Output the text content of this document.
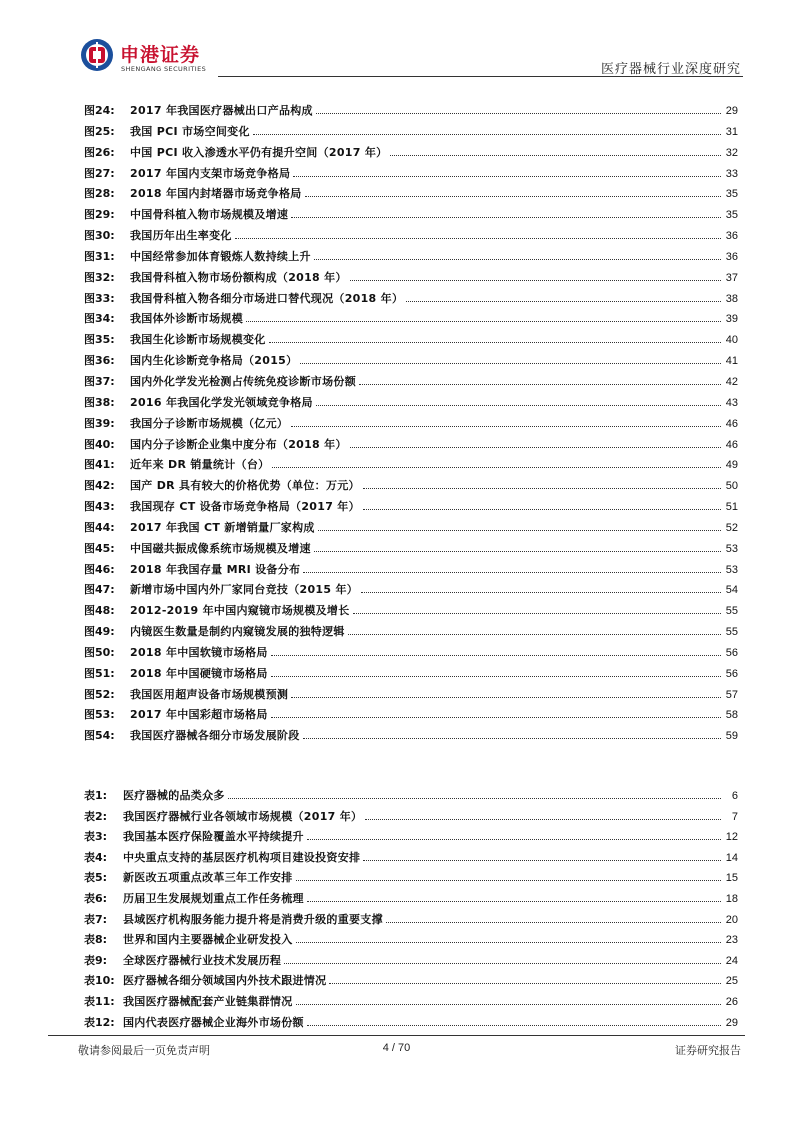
申港证券
SHENGANG SECURITIES	医疗器械行业深度研究
图24:	2017 年我国医疗器械出口产品构成	29
图25:	我国 PCI 市场空间变化	31
图26:	中国 PCI 收入渗透水平仍有提升空间（2017 年）	32
图27:	2017 年国内支架市场竞争格局	33
图28:	2018 年国内封堵器市场竞争格局	35
图29:	中国骨科植入物市场规模及增速	35
图30:	我国历年出生率变化	36
图31:	中国经常参加体育锻炼人数持续上升	36
图32:	我国骨科植入物市场份额构成（2018 年）	37
图33:	我国骨科植入物各细分市场进口替代现况（2018 年）	38
图34:	我国体外诊断市场规模	39
图35:	我国生化诊断市场规模变化	40
图36:	国内生化诊断竞争格局（2015）	41
图37:	国内外化学发光检测占传统免疫诊断市场份额	42
图38:	2016 年我国化学发光领域竞争格局	43
图39:	我国分子诊断市场规模（亿元）	46
图40:	国内分子诊断企业集中度分布（2018 年）	46
图41:	近年来 DR 销量统计（台）	49
图42:	国产 DR 具有较大的价格优势（单位：万元）	50
图43:	我国现存 CT 设备市场竞争格局（2017 年）	51
图44:	2017 年我国 CT 新增销量厂家构成	52
图45:	中国磁共振成像系统市场规模及增速	53
图46:	2018 年我国存量 MRI 设备分布	53
图47:	新增市场中国内外厂家同台竞技（2015 年）	54
图48:	2012-2019 年中国内窥镜市场规模及增长	55
图49:	内镜医生数量是制约内窥镜发展的独特逻辑	55
图50:	2018 年中国软镜市场格局	56
图51:	2018 年中国硬镜市场格局	56
图52:	我国医用超声设备市场规模预测	57
图53:	2017 年中国彩超市场格局	58
图54:	我国医疗器械各细分市场发展阶段	59
表1:	医疗器械的品类众多	6
表2:	我国医疗器械行业各领域市场规模（2017 年）	7
表3:	我国基本医疗保险覆盖水平持续提升	12
表4:	中央重点支持的基层医疗机构项目建设投资安排	14
表5:	新医改五项重点改革三年工作安排	15
表6:	历届卫生发展规划重点工作任务梳理	18
表7:	县域医疗机构服务能力提升将是消费升级的重要支撑	20
表8:	世界和国内主要器械企业研发投入	23
表9:	全球医疗器械行业技术发展历程	24
表10: 医疗器械各细分领域国内外技术跟进情况	25
表11: 我国医疗器械配套产业链集群情况	26
表12: 国内代表医疗器械企业海外市场份额	29
敬请参阅最后一页免责声明	4 / 70	证券研究报告
